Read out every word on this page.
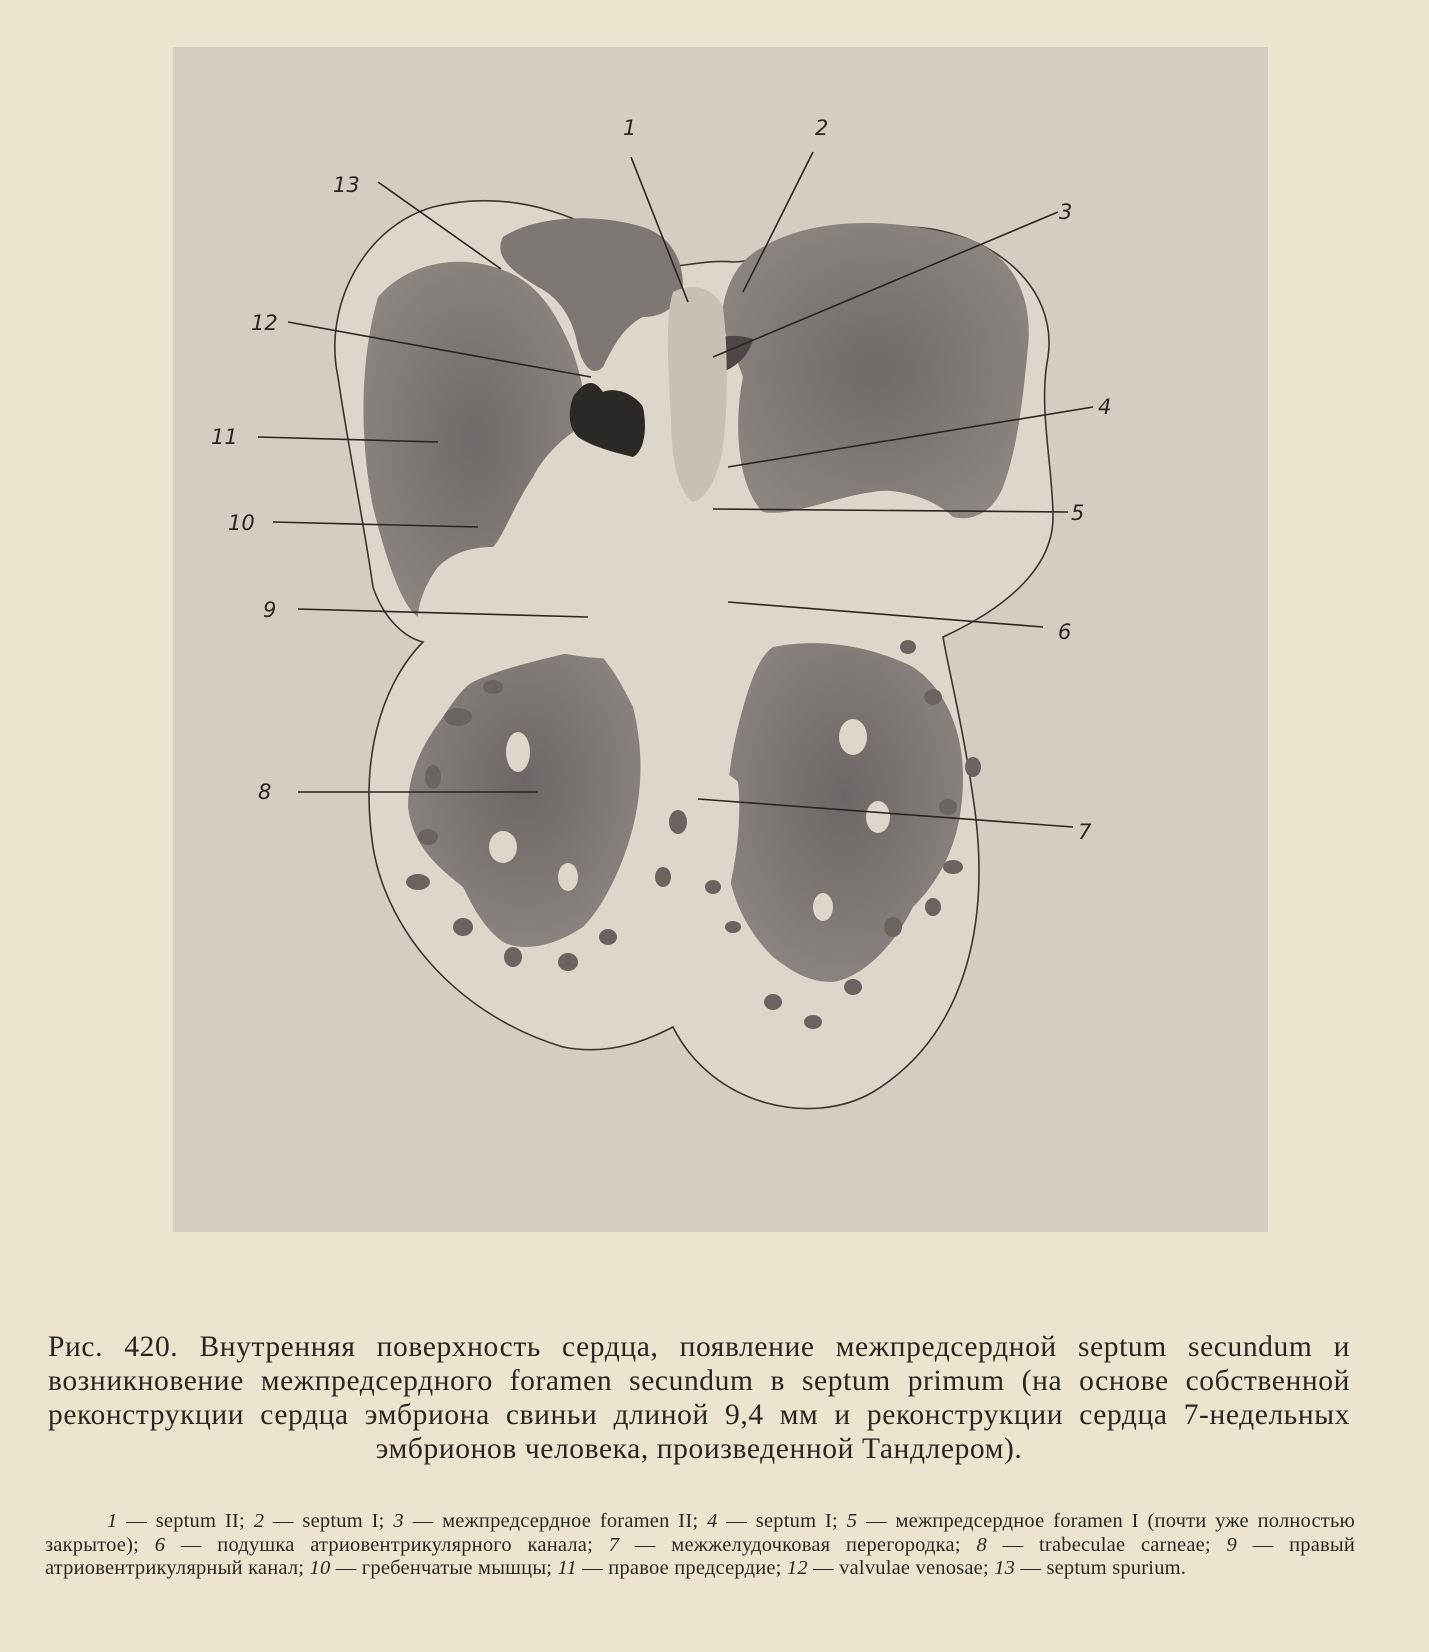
1	2
3
4
5
6
7
8
9
10
11
12
13
Рис. 420. Внутренняя поверхность сердца, появление межпредсердной septum secundum и возникновение межпредсердного foramen secundum в septum primum (на основе собственной реконструкции сердца эмбриона свиньи длиной 9,4 мм и реконструкции сердца 7-недельных эмбрионов человека, произведенной Тандлером).
1 — septum II; 2 — septum I; 3 — межпредсердное foramen II; 4 — septum I; 5 — межпредсердное foramen I (почти уже полностью закрытое); 6 — подушка атриовентрикулярного канала; 7 — межжелудочковая перегородка; 8 — trabeculae carneae; 9 — правый атриовентрикулярный канал; 10 — гребенчатые мышцы; 11 — правое предсердие; 12 — valvulae venosae; 13 — septum spurium.
